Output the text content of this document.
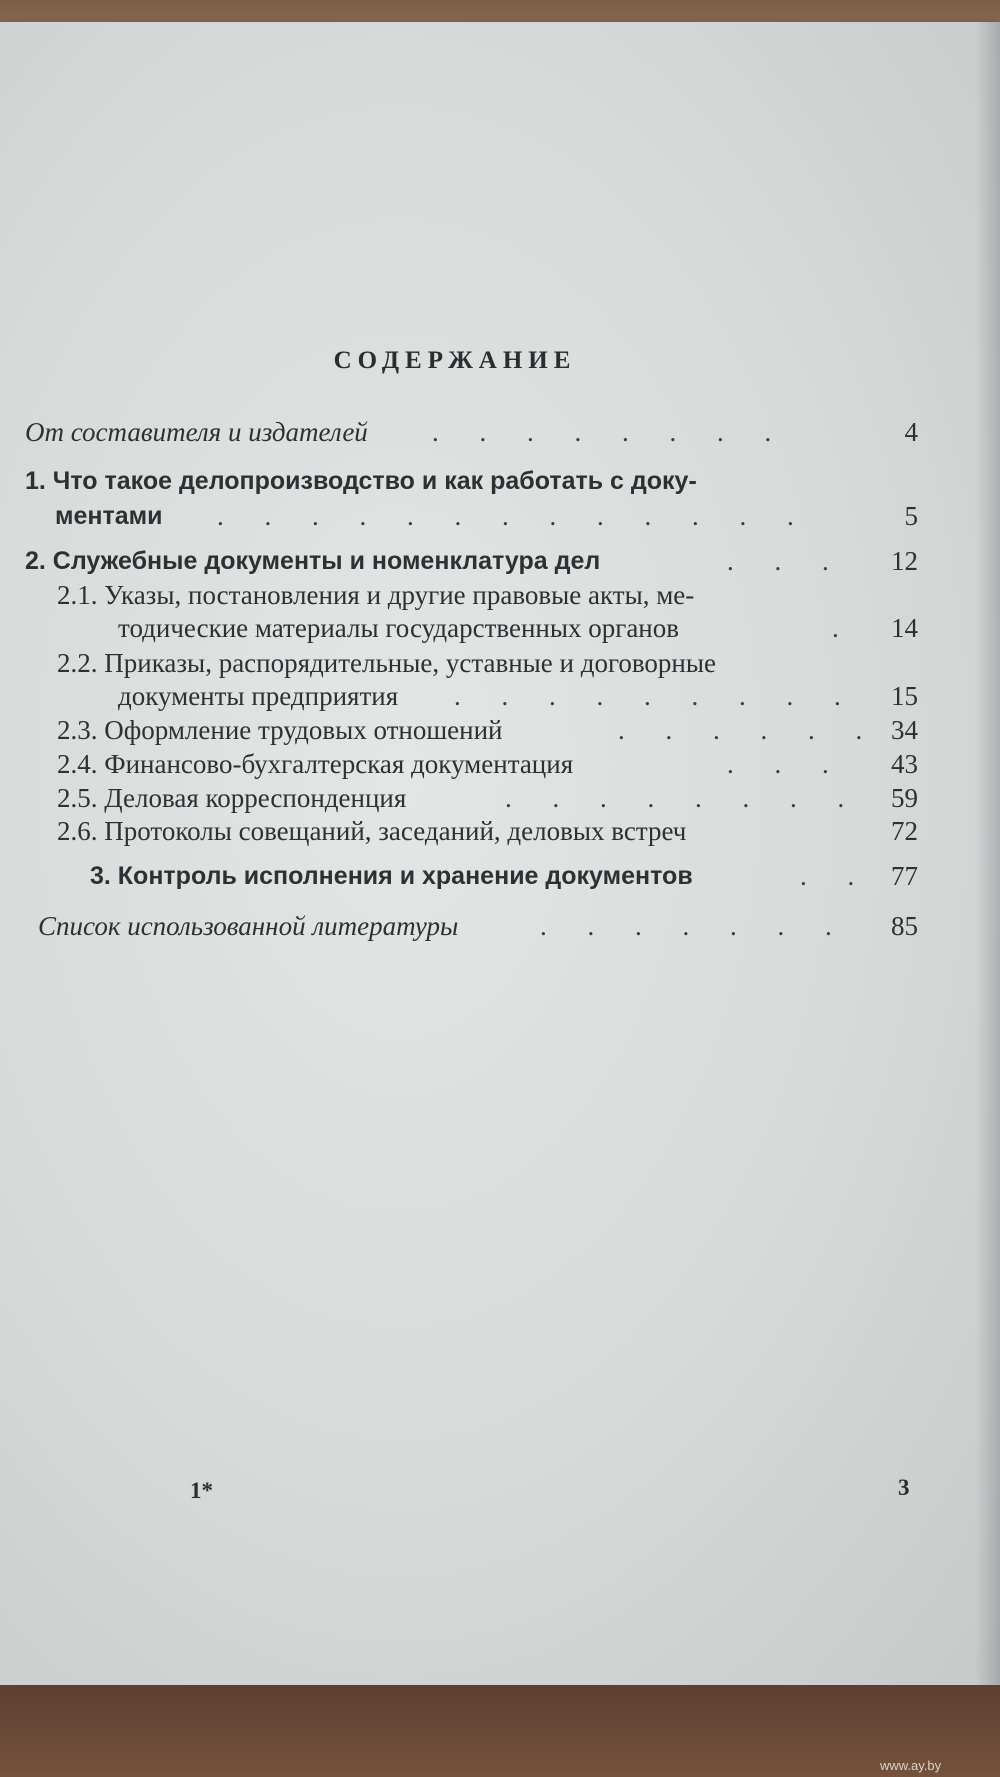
СОДЕРЖАНИЕ
От составителя и издателей . . . . . . . .	4
1. Что такое делопроизводство и как работать с доку-
ментами . . . . . . . . . . . . .	5
2. Служебные документы и номенклатура дел	. . .	12
2.1. Указы, постановления и другие правовые акты, ме-
тодические материалы государственных органов	.	14
2.2. Приказы, распорядительные, уставные и договорные
документы предприятия . . . . . . . . .	15
2.3. Оформление трудовых отношений	. . . . . . 34
2.4. Финансово-бухгалтерская документация	. . .	43
2.5. Деловая корреспонденция	. . . . . . . .	59
2.6. Протоколы совещаний, заседаний, деловых встреч	72
3. Контроль исполнения и хранение документов	. . 77
Список использованной литературы	. . . . . . .	85
1*	3
www.ay.by
